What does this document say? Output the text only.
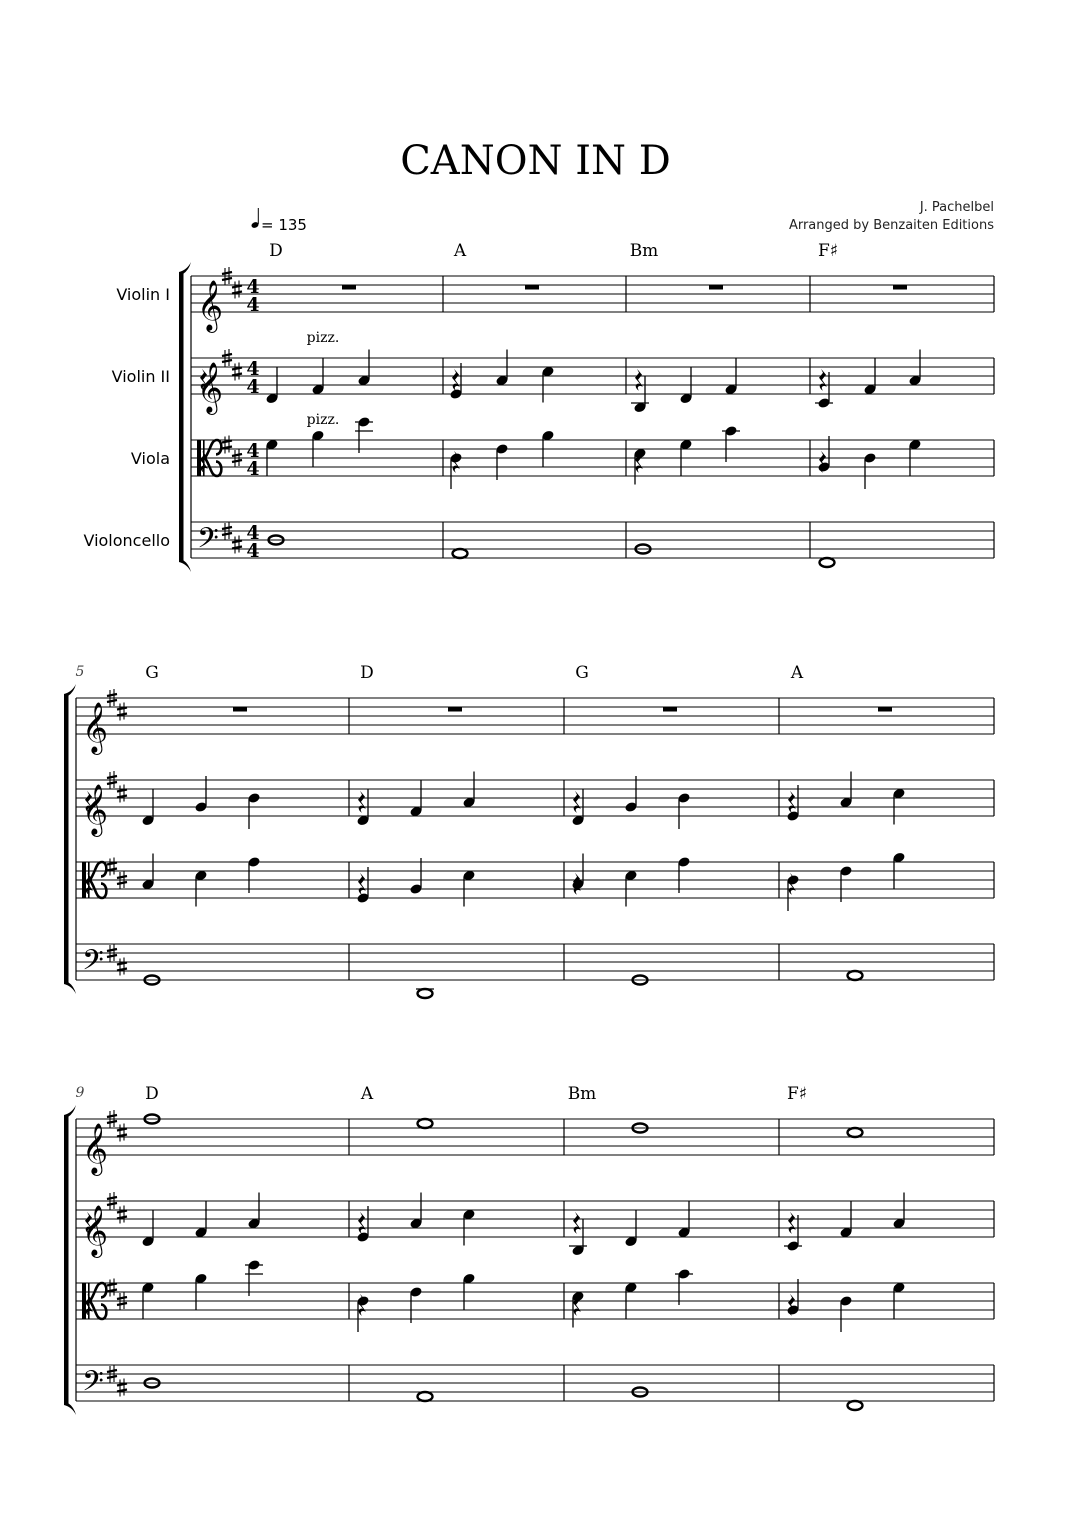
CANON IN D
J. Pachelbel
Arranged by Benzaiten Editions
𝄞 4
4
𝄞 4
4
4
4
𝄢 4
4
Violin I
Violin II
Viola
Violoncello
= 135
pizz.
pizz.
D	A	Bm	F♯
𝄞
𝄞
𝄢
5	G	D	G	A
𝄞
𝄞
𝄢
9	D	A	Bm	F♯
